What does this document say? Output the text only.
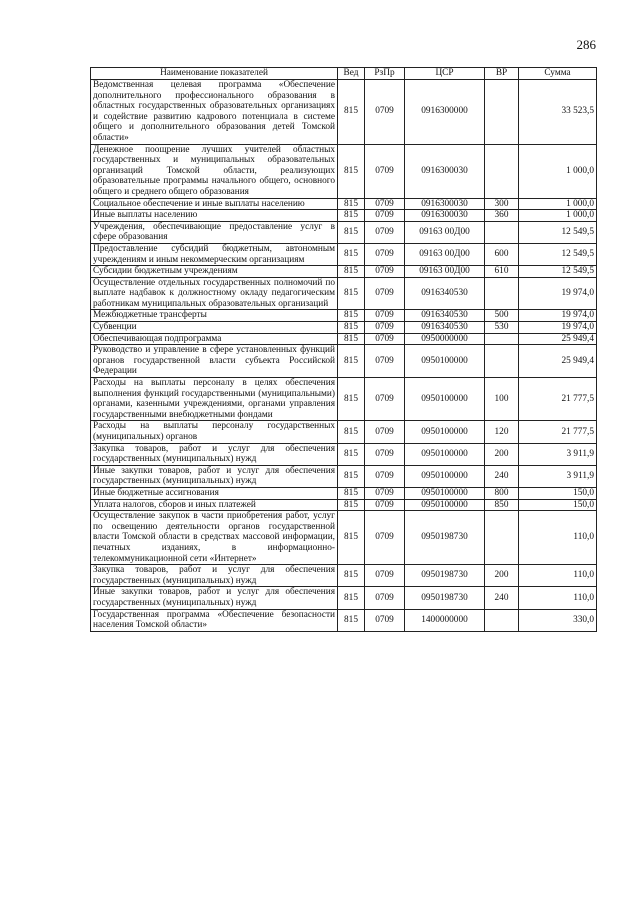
286
Наименование показателей	Вед	РзПр	ЦСР	ВР	Сумма
Ведомственная целевая программа «Обеспечение дополнительного профессионального образования в областных государственных образовательных организациях и содействие развитию кадрового потенциала в системе общего и дополнительного образования детей Томской области»	815	0709	0916300000		33 523,5
Денежное поощрение лучших учителей областных государственных и муниципальных образовательных организаций Томской области, реализующих образовательные программы начального общего, основного общего и среднего общего образования	815	0709	0916300030		1 000,0
Социальное обеспечение и иные выплаты населению	815	0709	0916300030	300	1 000,0
Иные выплаты населению	815	0709	0916300030	360	1 000,0
Учреждения, обеспечивающие предоставление услуг в сфере образования	815	0709	09163 00Д00		12 549,5
Предоставление субсидий бюджетным, автономным учреждениям и иным некоммерческим организациям	815	0709	09163 00Д00	600	12 549,5
Субсидии бюджетным учреждениям	815	0709	09163 00Д00	610	12 549,5
Осуществление отдельных государственных полномочий по выплате надбавок к должностному окладу педагогическим работникам муниципальных образовательных организаций	815	0709	0916340530		19 974,0
Межбюджетные трансферты	815	0709	0916340530	500	19 974,0
Субвенции	815	0709	0916340530	530	19 974,0
Обеспечивающая подпрограмма	815	0709	0950000000		25 949,4
Руководство и управление в сфере установленных функций органов государственной власти субъекта Российской Федерации	815	0709	0950100000		25 949,4
Расходы на выплаты персоналу в целях обеспечения выполнения функций государственными (муниципальными) органами, казенными учреждениями, органами управления государственными внебюджетными фондами	815	0709	0950100000	100	21 777,5
Расходы на выплаты персоналу государственных (муниципальных) органов	815	0709	0950100000	120	21 777,5
Закупка товаров, работ и услуг для обеспечения государственных (муниципальных) нужд	815	0709	0950100000	200	3 911,9
Иные закупки товаров, работ и услуг для обеспечения государственных (муниципальных) нужд	815	0709	0950100000	240	3 911,9
Иные бюджетные ассигнования	815	0709	0950100000	800	150,0
Уплата налогов, сборов и иных платежей	815	0709	0950100000	850	150,0
Осуществление закупок в части приобретения работ, услуг по освещению деятельности органов государственной власти Томской области в средствах массовой информации, печатных изданиях, в информационно-телекоммуникационной сети «Интернет»	815	0709	0950198730		110,0
Закупка товаров, работ и услуг для обеспечения государственных (муниципальных) нужд	815	0709	0950198730	200	110,0
Иные закупки товаров, работ и услуг для обеспечения государственных (муниципальных) нужд	815	0709	0950198730	240	110,0
Государственная программа «Обеспечение безопасности населения Томской области»	815	0709	1400000000		330,0
